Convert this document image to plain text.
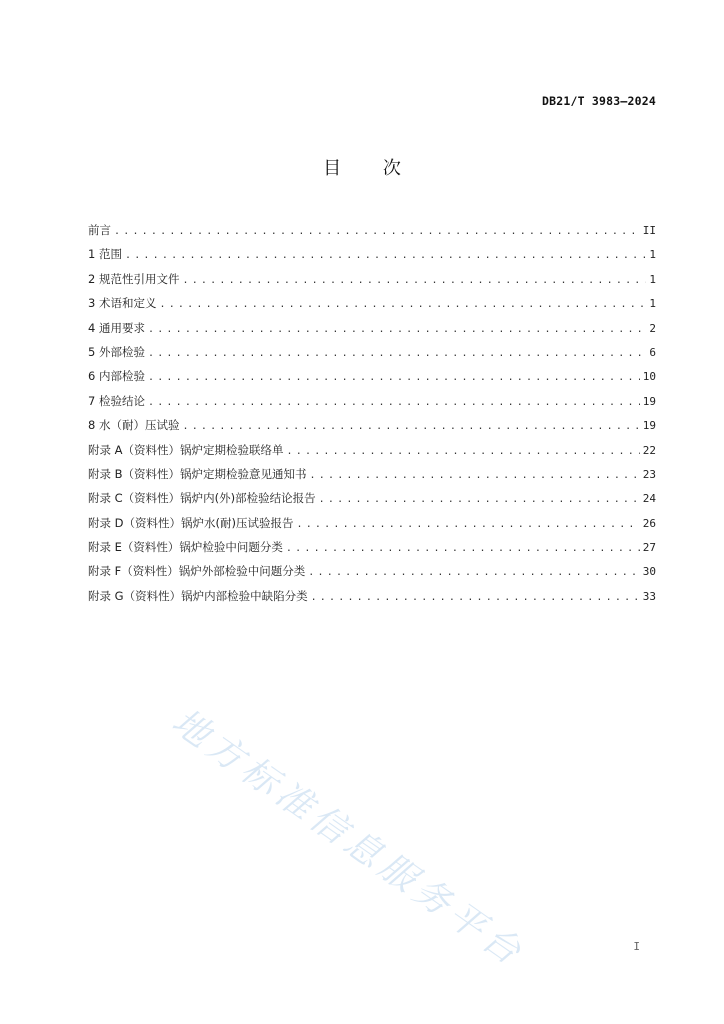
DB21/T 3983—2024
目 次
前言 .....	II
1 范围 .....	1
2 规范性引用文件 .....	1
3 术语和定义 .....	1
4 通用要求 .....	2
5 外部检验 .....	6
6 内部检验 .....	10
7 检验结论 .....	19
8 水（耐）压试验 .....	19
附录 A（资料性）锅炉定期检验联络单 .....	22
附录 B（资料性）锅炉定期检验意见通知书 .....	23
附录 C（资料性）锅炉内(外)部检验结论报告 .....	24
附录 D（资料性）锅炉水(耐)压试验报告 .....	26
附录 E（资料性）锅炉检验中问题分类 .....	27
附录 F（资料性）锅炉外部检验中问题分类 .....	30
附录 G（资料性）锅炉内部检验中缺陷分类 .....	33
地方标准信息服务平台	I
